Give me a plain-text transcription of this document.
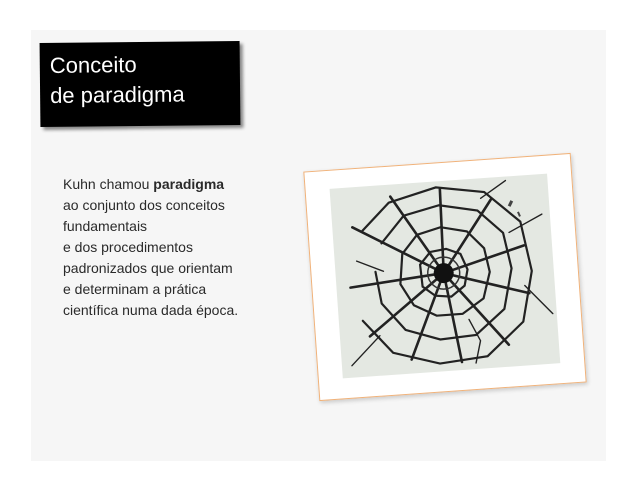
Conceito
de paradigma
Kuhn chamou paradigma
ao conjunto dos conceitos
fundamentais
e dos procedimentos
padronizados que orientam
e determinam a prática
científica numa dada época.
